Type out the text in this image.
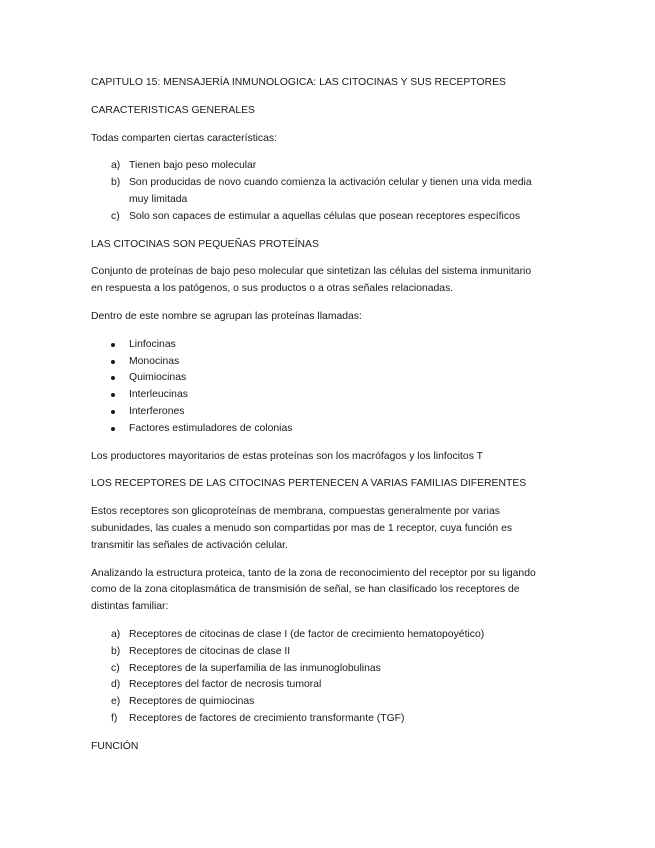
CAPITULO 15: MENSAJERÍA INMUNOLOGICA: LAS CITOCINAS Y SUS RECEPTORES

CARACTERISTICAS GENERALES

Todas comparten ciertas características:

a) Tienen bajo peso molecular
b) Son producidas de novo cuando comienza la activación celular y tienen una vida media muy limitada
c) Solo son capaces de estimular a aquellas células que posean receptores específicos

LAS CITOCINAS SON PEQUEÑAS PROTEÍNAS

Conjunto de proteínas de bajo peso molecular que sintetizan las células del sistema inmunitario en respuesta a los patógenos, o sus productos o a otras señales relacionadas.

Dentro de este nombre se agrupan las proteínas llamadas:

Linfocinas
Monocinas
Quimiocinas
Interleucinas
Interferones
Factores estimuladores de colonias

Los productores mayoritarios de estas proteínas son los macrófagos y los linfocitos T

LOS RECEPTORES DE LAS CITOCINAS PERTENECEN A VARIAS FAMILIAS DIFERENTES

Estos receptores son glicoproteínas de membrana, compuestas generalmente por varias subunidades, las cuales a menudo son compartidas por mas de 1 receptor, cuya función es transmitir las señales de activación celular.

Analizando la estructura proteica, tanto de la zona de reconocimiento del receptor por su ligando como de la zona citoplasmática de transmisión de señal, se han clasificado los receptores de distintas familiar:

a) Receptores de citocinas de clase I (de factor de crecimiento hematopoyético)
b) Receptores de citocinas de clase II
c) Receptores de la superfamilia de las inmunoglobulinas
d) Receptores del factor de necrosis tumoral
e) Receptores de quimiocinas
f) Receptores de factores de crecimiento transformante (TGF)

FUNCIÓN
